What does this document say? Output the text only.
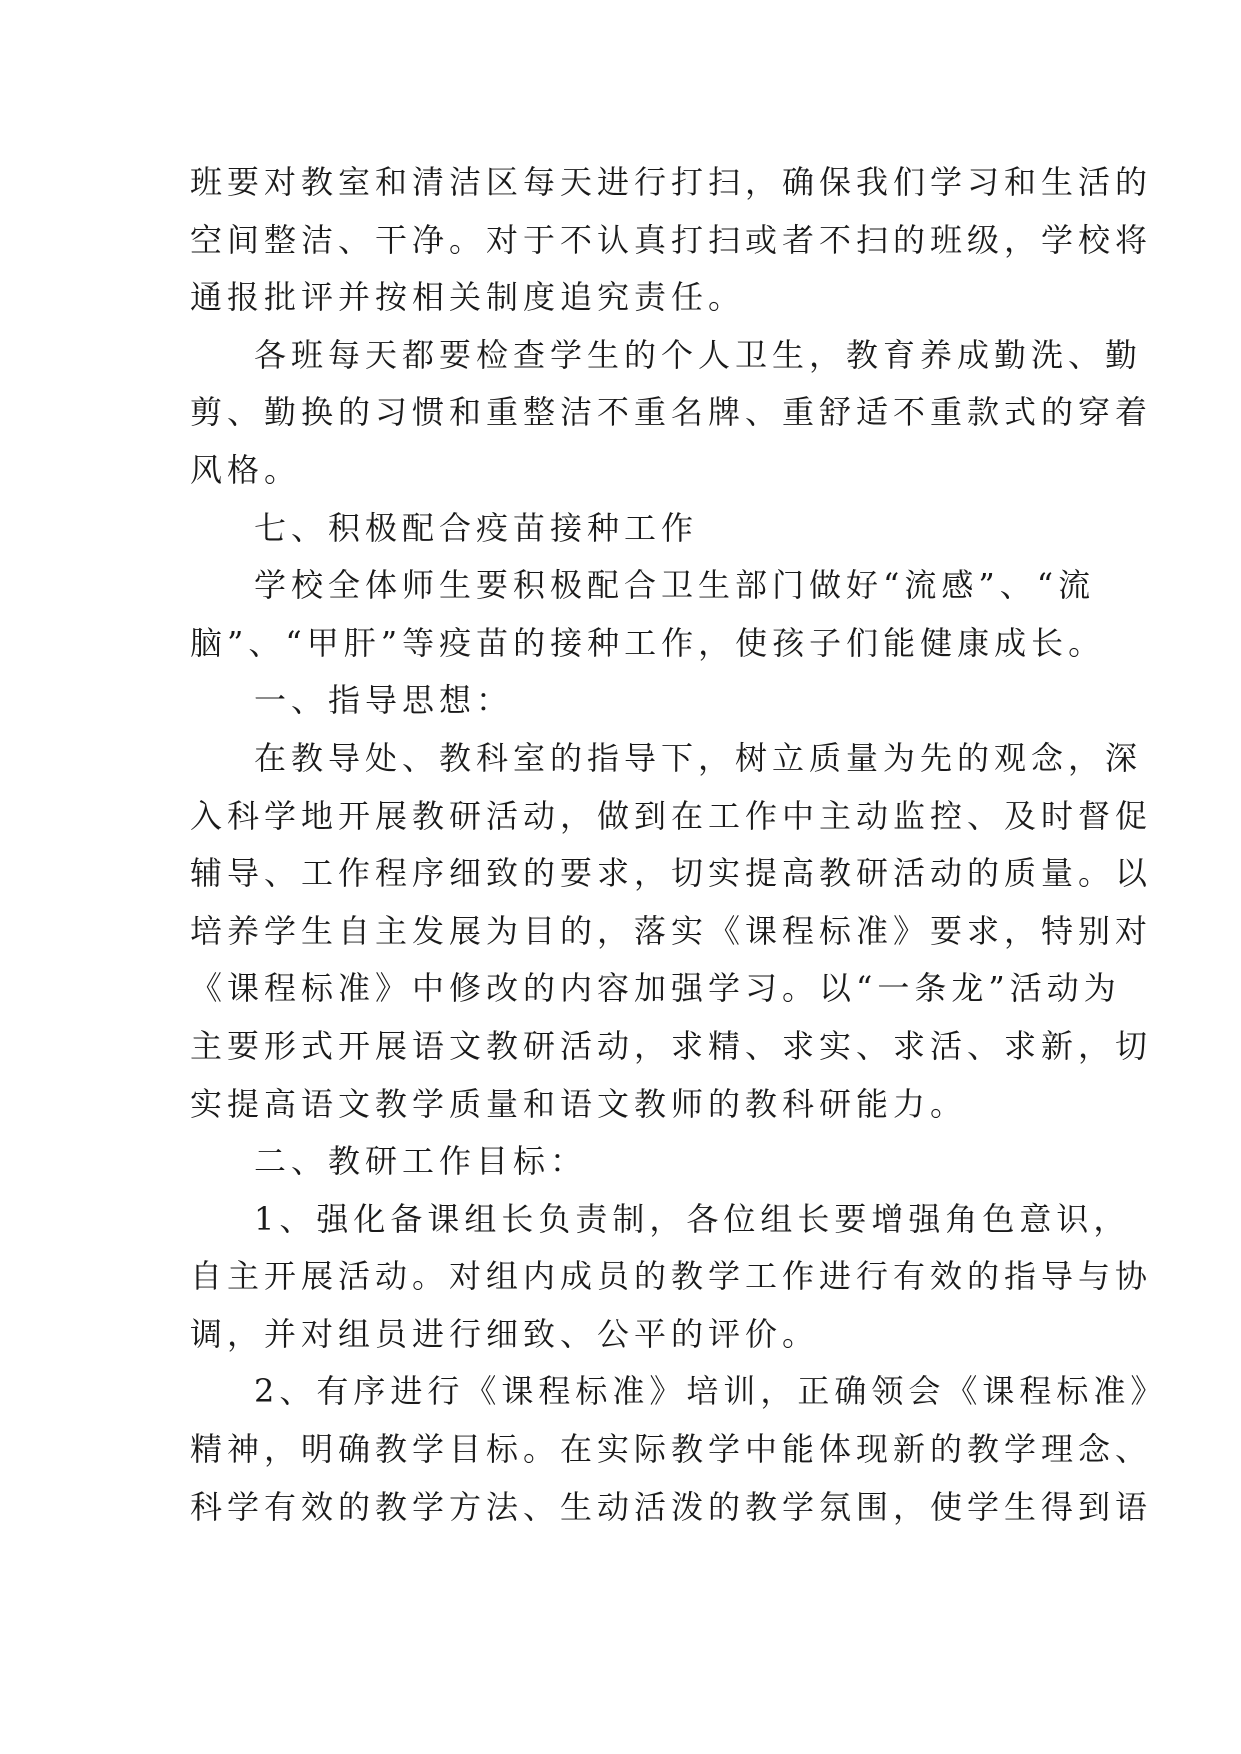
班要对教室和清洁区每天进行打扫，确保我们学习和生活的
空间整洁、干净。对于不认真打扫或者不扫的班级，学校将
通报批评并按相关制度追究责任。
各班每天都要检查学生的个人卫生，教育养成勤洗、勤
剪、勤换的习惯和重整洁不重名牌、重舒适不重款式的穿着
风格。
七、积极配合疫苗接种工作
学校全体师生要积极配合卫生部门做好“流感”、“流
脑”、“甲肝”等疫苗的接种工作，使孩子们能健康成长。
一、指导思想：
在教导处、教科室的指导下，树立质量为先的观念，深
入科学地开展教研活动，做到在工作中主动监控、及时督促
辅导、工作程序细致的要求，切实提高教研活动的质量。以
培养学生自主发展为目的，落实《课程标准》要求，特别对
《课程标准》中修改的内容加强学习。以“一条龙”活动为
主要形式开展语文教研活动，求精、求实、求活、求新，切
实提高语文教学质量和语文教师的教科研能力。
二、教研工作目标：
1、强化备课组长负责制，各位组长要增强角色意识，
自主开展活动。对组内成员的教学工作进行有效的指导与协
调，并对组员进行细致、公平的评价。
2、有序进行《课程标准》培训，正确领会《课程标准》
精神，明确教学目标。在实际教学中能体现新的教学理念、
科学有效的教学方法、生动活泼的教学氛围，使学生得到语
